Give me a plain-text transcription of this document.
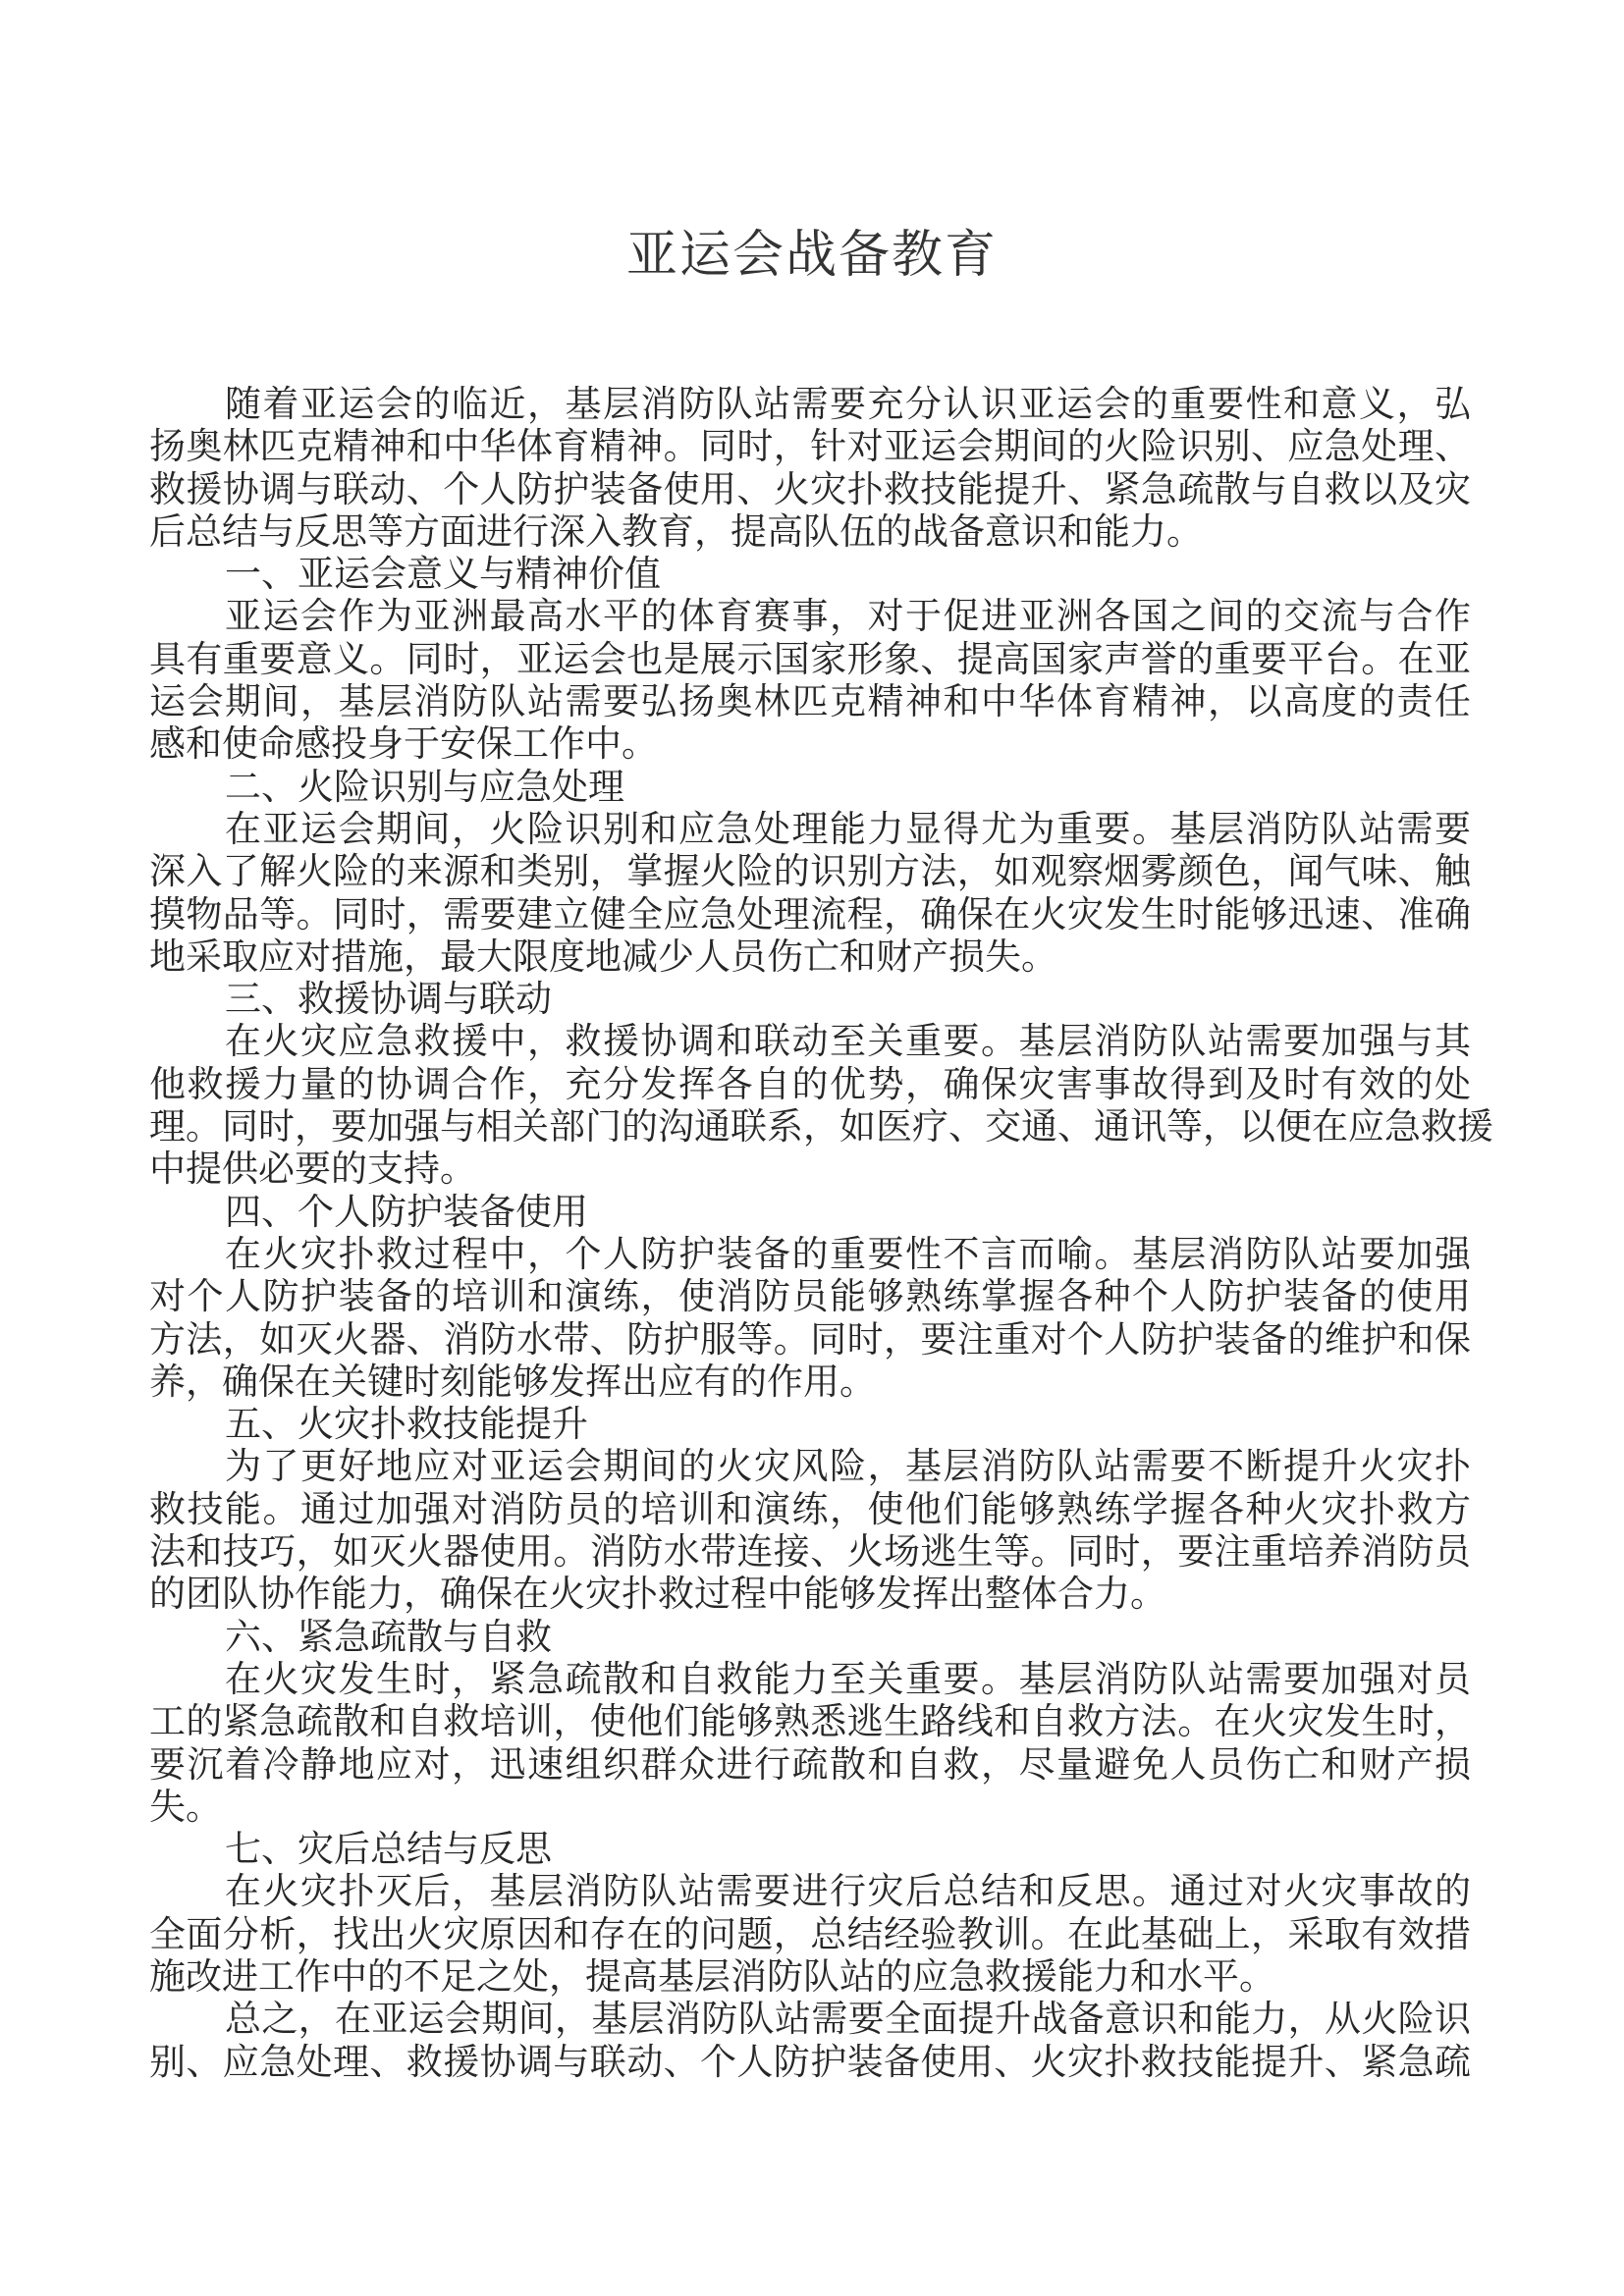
亚运会战备教育
随着亚运会的临近，基层消防队站需要充分认识亚运会的重要性和意义，弘
扬奥林匹克精神和中华体育精神。同时，针对亚运会期间的火险识别、应急处理、
救援协调与联动、个人防护装备使用、火灾扑救技能提升、紧急疏散与自救以及灾
后总结与反思等方面进行深入教育，提高队伍的战备意识和能力。
一、亚运会意义与精神价值
亚运会作为亚洲最高水平的体育赛事，对于促进亚洲各国之间的交流与合作
具有重要意义。同时，亚运会也是展示国家形象、提高国家声誉的重要平台。在亚
运会期间，基层消防队站需要弘扬奥林匹克精神和中华体育精神，以高度的责任
感和使命感投身于安保工作中。
二、火险识别与应急处理
在亚运会期间，火险识别和应急处理能力显得尤为重要。基层消防队站需要
深入了解火险的来源和类别，掌握火险的识别方法，如观察烟雾颜色，闻气味、触
摸物品等。同时，需要建立健全应急处理流程，确保在火灾发生时能够迅速、准确
地采取应对措施，最大限度地减少人员伤亡和财产损失。
三、救援协调与联动
在火灾应急救援中，救援协调和联动至关重要。基层消防队站需要加强与其
他救援力量的协调合作，充分发挥各自的优势，确保灾害事故得到及时有效的处
理。同时，要加强与相关部门的沟通联系，如医疗、交通、通讯等，以便在应急救援
中提供必要的支持。
四、个人防护装备使用
在火灾扑救过程中，个人防护装备的重要性不言而喻。基层消防队站要加强
对个人防护装备的培训和演练，使消防员能够熟练掌握各种个人防护装备的使用
方法，如灭火器、消防水带、防护服等。同时，要注重对个人防护装备的维护和保
养，确保在关键时刻能够发挥出应有的作用。
五、火灾扑救技能提升
为了更好地应对亚运会期间的火灾风险，基层消防队站需要不断提升火灾扑
救技能。通过加强对消防员的培训和演练，使他们能够熟练学握各种火灾扑救方
法和技巧，如灭火器使用。消防水带连接、火场逃生等。同时，要注重培养消防员
的团队协作能力，确保在火灾扑救过程中能够发挥出整体合力。
六、紧急疏散与自救
在火灾发生时，紧急疏散和自救能力至关重要。基层消防队站需要加强对员
工的紧急疏散和自救培训，使他们能够熟悉逃生路线和自救方法。在火灾发生时，
要沉着冷静地应对，迅速组织群众进行疏散和自救，尽量避免人员伤亡和财产损
失。
七、灾后总结与反思
在火灾扑灭后，基层消防队站需要进行灾后总结和反思。通过对火灾事故的
全面分析，找出火灾原因和存在的问题，总结经验教训。在此基础上，采取有效措
施改进工作中的不足之处，提高基层消防队站的应急救援能力和水平。
总之，在亚运会期间，基层消防队站需要全面提升战备意识和能力，从火险识
别、应急处理、救援协调与联动、个人防护装备使用、火灾扑救技能提升、紧急疏
